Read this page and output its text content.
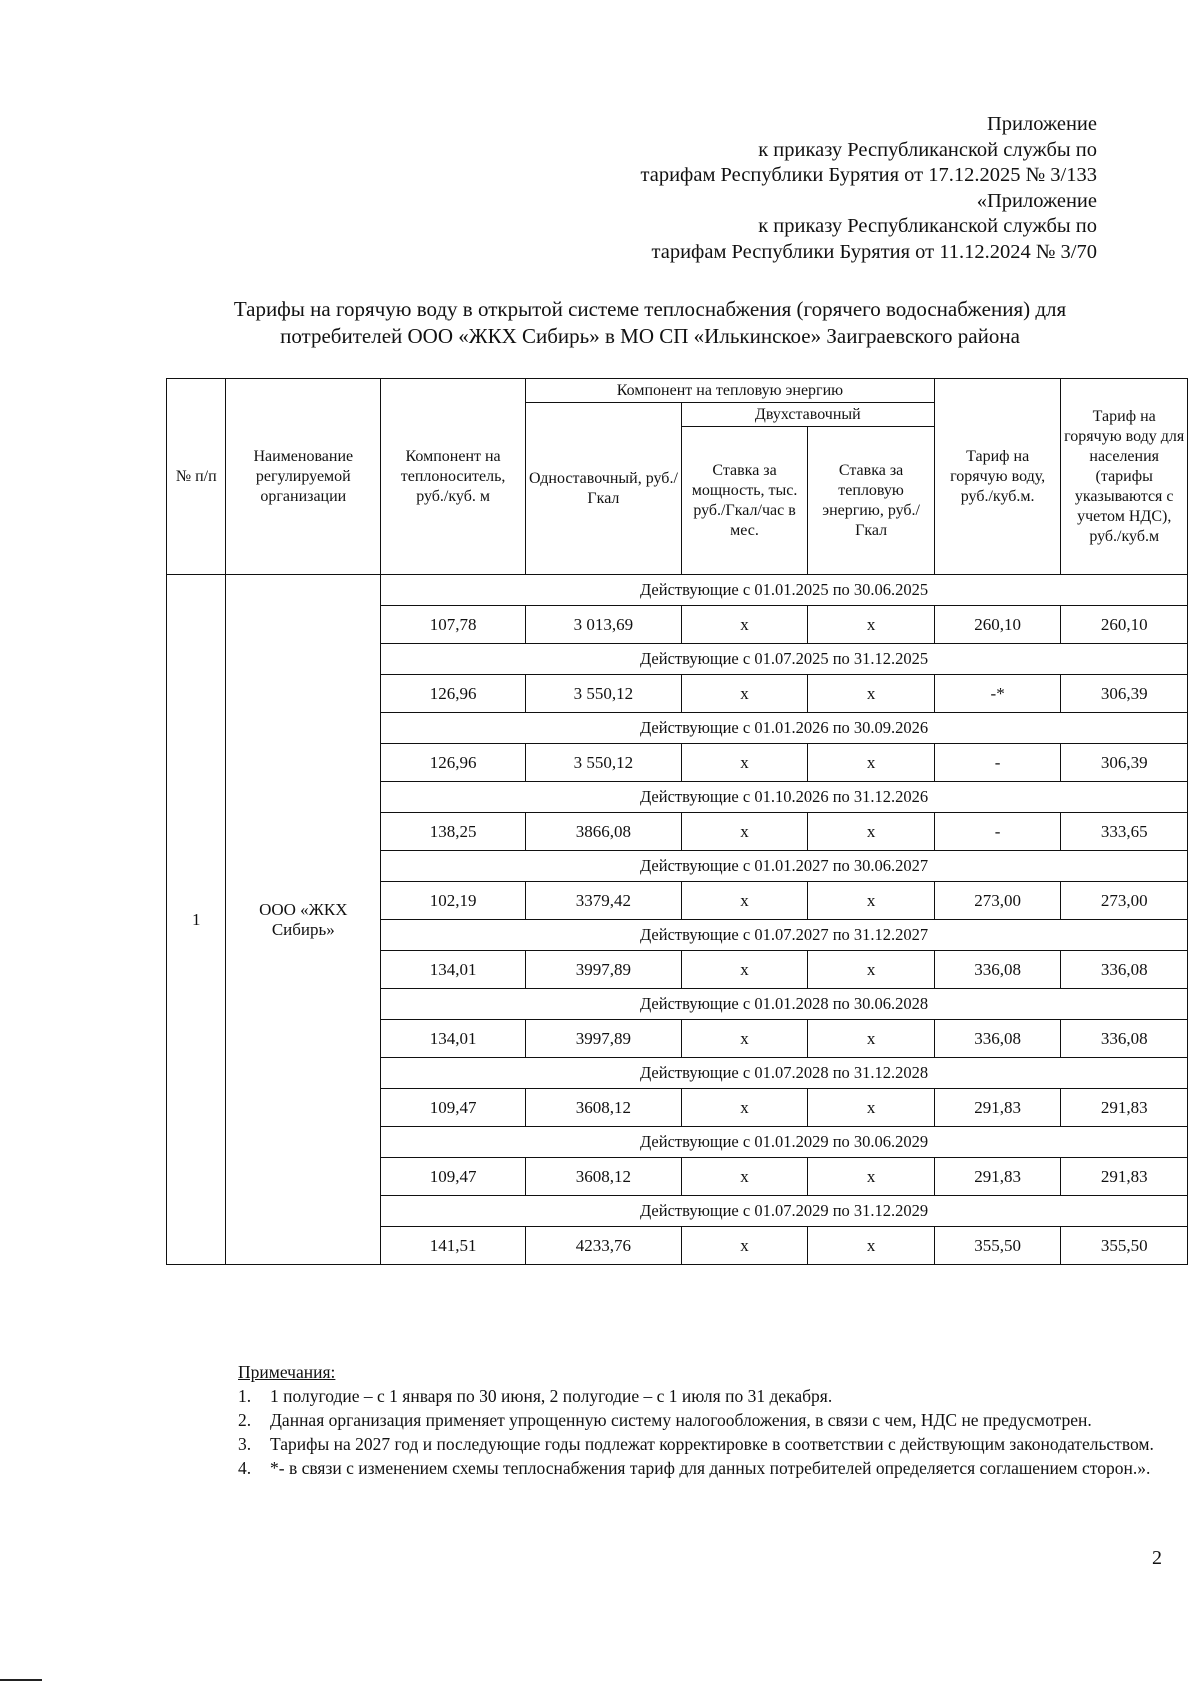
Приложение
к приказу Республиканской службы по
тарифам Республики Бурятия от 17.12.2025 № 3/133
«Приложение
к приказу Республиканской службы по
тарифам Республики Бурятия от 11.12.2024 № 3/70
Тарифы на горячую воду в открытой системе теплоснабжения (горячего водоснабжения) для
потребителей ООО «ЖКХ Сибирь» в МО СП «Илькинское» Заиграевского района
№ п/п	Наименование регулируемой организации	Компонент на теплоноситель, руб./куб. м	Компонент на тепловую энергию			Тариф на горячую воду, руб./куб.м.	Тариф на горячую воду для населения (тарифы указываются с учетом НДС), руб./куб.м
			Одноставочный, руб./Гкал	Двухставочный			
				Ставка за мощность, тыс. руб./Гкал/час в мес.	Ставка за тепловую энергию, руб./Гкал		
1	ООО «ЖКХ Сибирь»	Действующие с 01.01.2025 по 30.06.2025					
		107,78	3 013,69	х	х	260,10	260,10
		Действующие с 01.07.2025 по 31.12.2025					
		126,96	3 550,12	х	х	-*	306,39
		Действующие с 01.01.2026 по 30.09.2026					
		126,96	3 550,12	х	х	-	306,39
		Действующие с 01.10.2026 по 31.12.2026					
		138,25	3866,08	х	х	-	333,65
		Действующие с 01.01.2027 по 30.06.2027					
		102,19	3379,42	х	х	273,00	273,00
		Действующие с 01.07.2027 по 31.12.2027					
		134,01	3997,89	х	х	336,08	336,08
		Действующие с 01.01.2028 по 30.06.2028					
		134,01	3997,89	х	х	336,08	336,08
		Действующие с 01.07.2028 по 31.12.2028					
		109,47	3608,12	х	х	291,83	291,83
		Действующие с 01.01.2029 по 30.06.2029					
		109,47	3608,12	х	х	291,83	291,83
		Действующие с 01.07.2029 по 31.12.2029					
		141,51	4233,76	х	х	355,50	355,50
Примечания:
1.	1 полугодие – с 1 января по 30 июня, 2 полугодие – с 1 июля по 31 декабря.
2.	Данная организация применяет упрощенную систему налогообложения, в связи с чем, НДС не предусмотрен.
3.	Тарифы на 2027 год и последующие годы подлежат корректировке в соответствии с действующим законодательством.
4.	*- в связи с изменением схемы теплоснабжения тариф для данных потребителей определяется соглашением сторон.».
2
